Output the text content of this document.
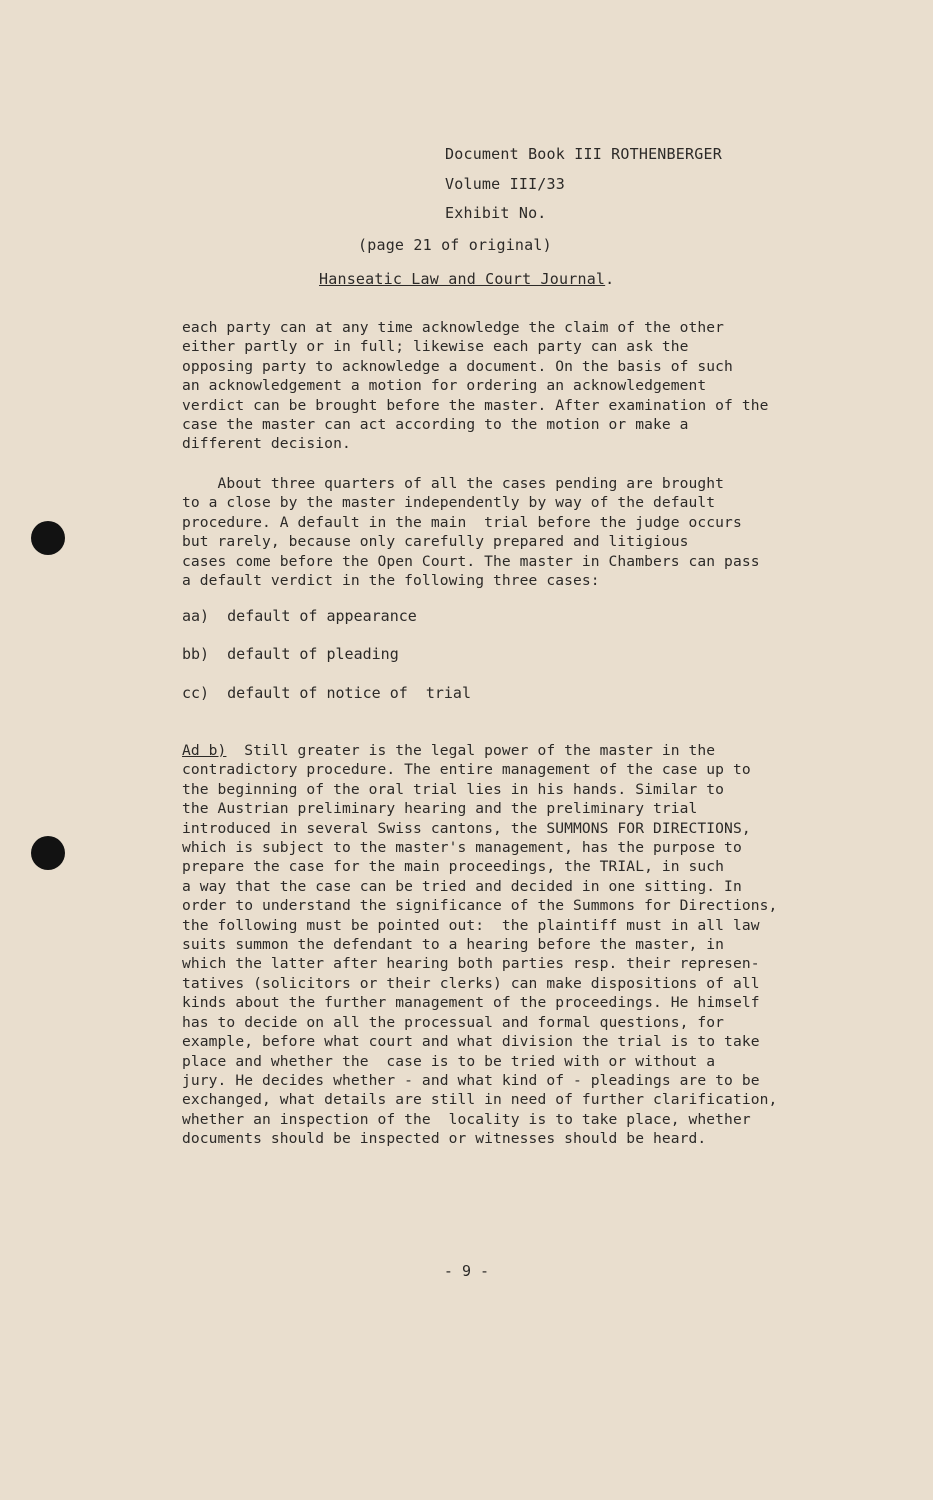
Document Book III ROTHENBERGER
Volume III/33
Exhibit No.
(page 21 of original)
Hanseatic Law and Court Journal.
each party can at any time acknowledge the claim of the other
either partly or in full; likewise each party can ask the
opposing party to acknowledge a document. On the basis of such
an acknowledgement a motion for ordering an acknowledgement
verdict can be brought before the master. After examination of the
case the master can act according to the motion or make a
different decision.
About three quarters of all the cases pending are brought
to a close by the master independently by way of the default
procedure. A default in the main  trial before the judge occurs
but rarely, because only carefully prepared and litigious
cases come before the Open Court. The master in Chambers can pass
a default verdict in the following three cases:
aa)  default of appearance
bb)  default of pleading
cc)  default of notice of  trial
Ad b)  Still greater is the legal power of the master in the
contradictory procedure. The entire management of the case up to
the beginning of the oral trial lies in his hands. Similar to
the Austrian preliminary hearing and the preliminary trial
introduced in several Swiss cantons, the SUMMONS FOR DIRECTIONS,
which is subject to the master's management, has the purpose to
prepare the case for the main proceedings, the TRIAL, in such
a way that the case can be tried and decided in one sitting. In
order to understand the significance of the Summons for Directions,
the following must be pointed out:  the plaintiff must in all law
suits summon the defendant to a hearing before the master, in
which the latter after hearing both parties resp. their represen-
tatives (solicitors or their clerks) can make dispositions of all
kinds about the further management of the proceedings. He himself
has to decide on all the processual and formal questions, for
example, before what court and what division the trial is to take
place and whether the  case is to be tried with or without a
jury. He decides whether - and what kind of - pleadings are to be
exchanged, what details are still in need of further clarification,
whether an inspection of the  locality is to take place, whether
documents should be inspected or witnesses should be heard.
- 9 -
